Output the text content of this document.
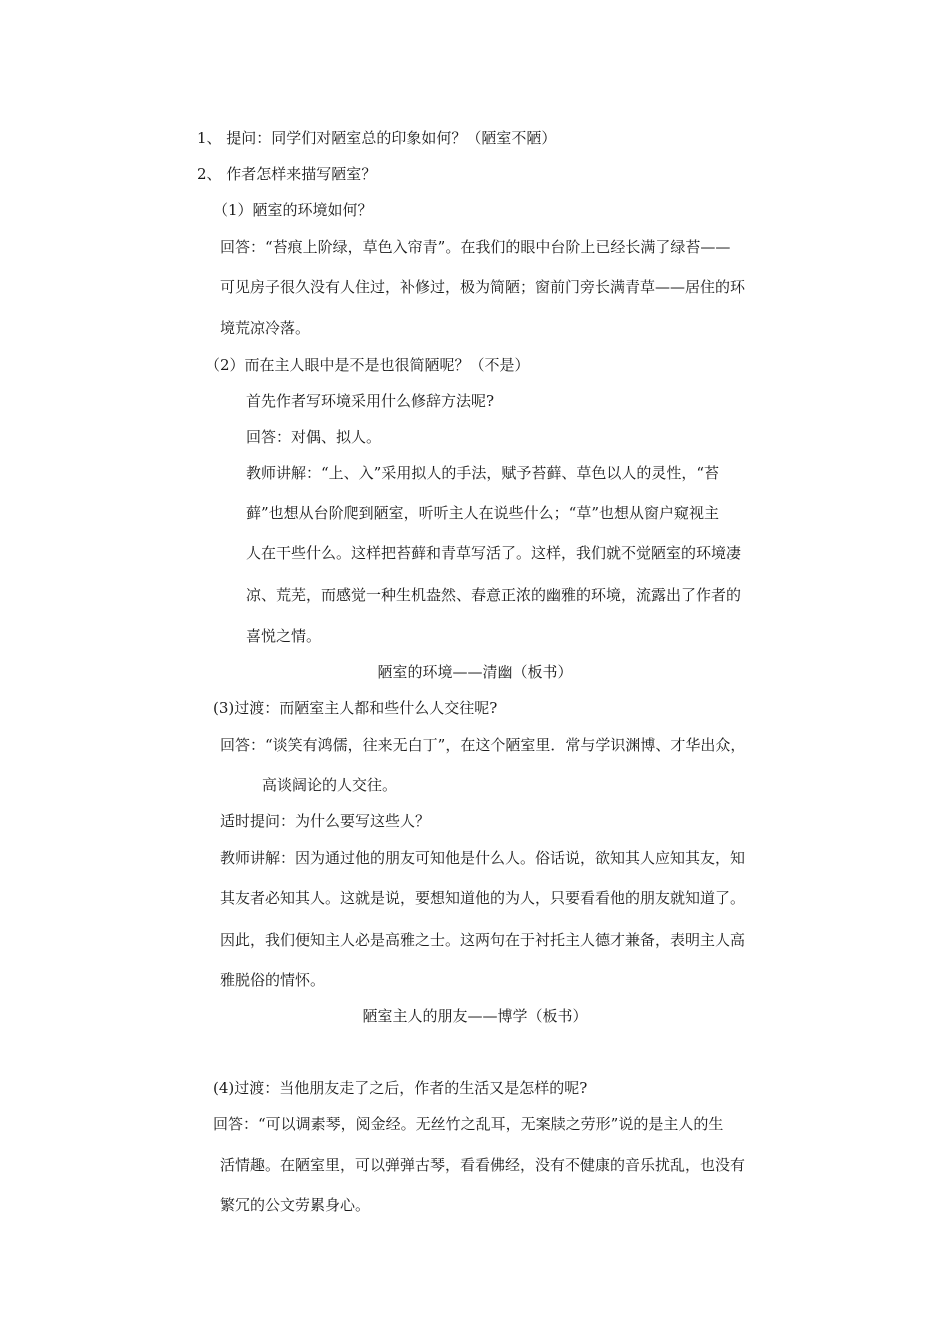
1、 提问：同学们对陋室总的印象如何？（陋室不陋）
2、 作者怎样来描写陋室？
（1）陋室的环境如何？
回答：“苔痕上阶绿，草色入帘青”。在我们的眼中台阶上已经长满了绿苔——
可见房子很久没有人住过，补修过，极为简陋；窗前门旁长满青草——居住的环
境荒凉冷落。
（2）而在主人眼中是不是也很简陋呢？（不是）
首先作者写环境采用什么修辞方法呢?
回答：对偶、拟人。
教师讲解：“上、入”采用拟人的手法，赋予苔藓、草色以人的灵性，“苔
藓”也想从台阶爬到陋室，听听主人在说些什么；“草”也想从窗户窥视主
人在干些什么。这样把苔藓和青草写活了。这样，我们就不觉陋室的环境凄
凉、荒芜，而感觉一种生机盎然、春意正浓的幽雅的环境，流露出了作者的
喜悦之情。
陋室的环境——清幽（板书）
(3)过渡：而陋室主人都和些什么人交往呢?
回答：“谈笑有鸿儒，往来无白丁”，在这个陋室里．常与学识渊博、才华出众，
高谈阔论的人交往。
适时提问：为什么要写这些人？
教师讲解：因为通过他的朋友可知他是什么人。俗话说，欲知其人应知其友，知
其友者必知其人。这就是说，要想知道他的为人，只要看看他的朋友就知道了。
因此，我们便知主人必是高雅之士。这两句在于衬托主人德才兼备，表明主人高
雅脱俗的情怀。
陋室主人的朋友——博学（板书）
(4)过渡：当他朋友走了之后，作者的生活又是怎样的呢?
回答：“可以调素琴，阅金经。无丝竹之乱耳，无案牍之劳形”说的是主人的生
活情趣。在陋室里，可以弹弹古琴，看看佛经，没有不健康的音乐扰乱，也没有
繁冗的公文劳累身心。
